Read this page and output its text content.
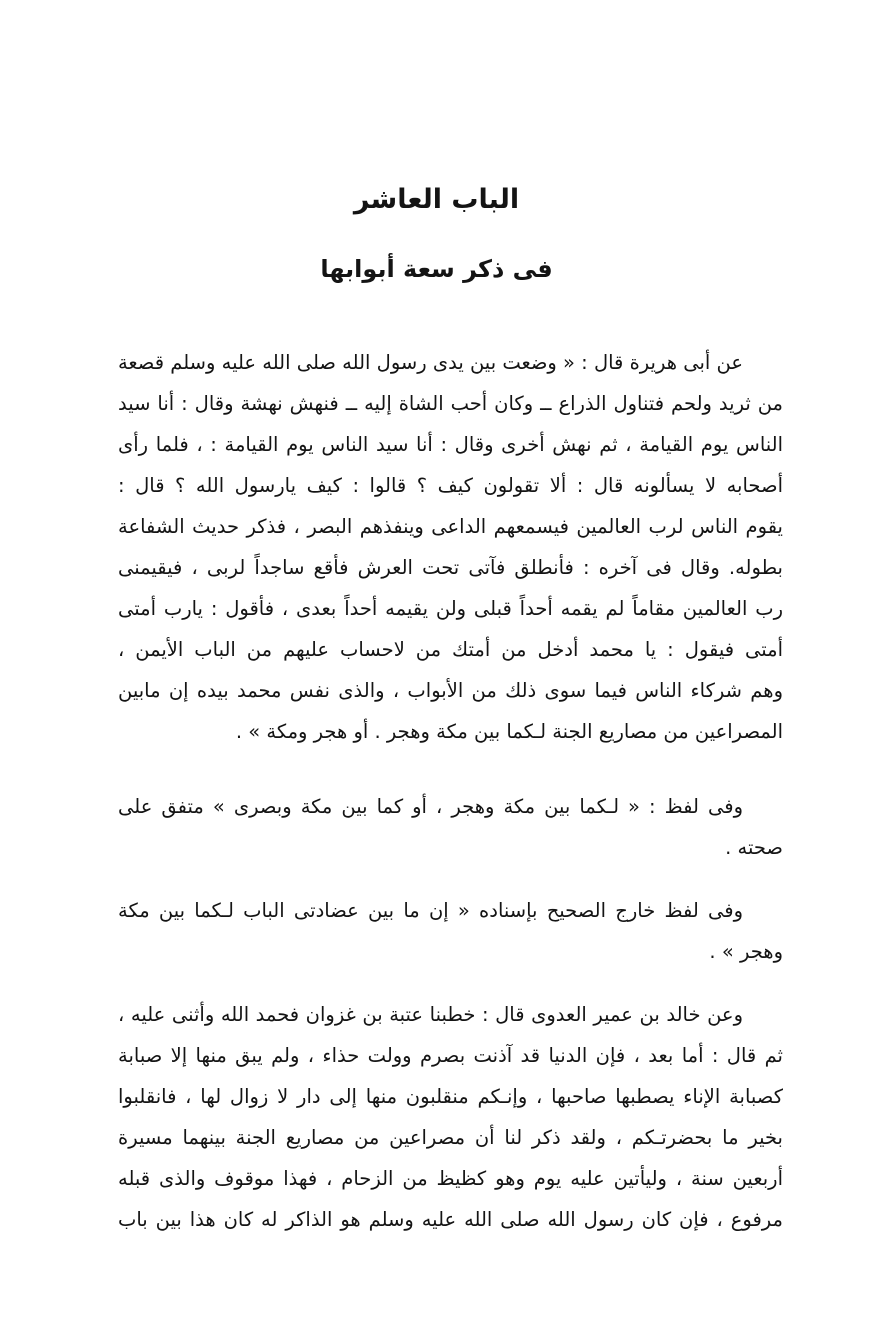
الباب العاشر
فى ذكر سعة أبوابها
عن أبى هريرة قال : « وضعت بين يدى رسول الله صلى الله عليه وسلم قصعة
من ثريد ولحم فتناول الذراع ــ وكان أحب الشاة إليه ــ فنهش نهشة وقال : أنا سيد
الناس يوم القيامة ، ثم نهش أخرى وقال : أنا سيد الناس يوم القيامة : ، فلما رأى
أصحابه لا يسألونه قال : ألا تقولون كيف ؟ قالوا : كيف يارسول الله ؟ قال :
يقوم الناس لرب العالمين فيسمعهم الداعى وينفذهم البصر ، فذكر حديث الشفاعة
بطوله. وقال فى آخره : فأنطلق فآتى تحت العرش فأقع ساجداً لربى ، فيقيمنى
رب العالمين مقاماً لم يقمه أحداً قبلى ولن يقيمه أحداً بعدى ، فأقول : يارب أمتى
أمتى فيقول : يا محمد أدخل من أمتك من لاحساب عليهم من الباب الأيمن ،
وهم شركاء الناس فيما سوى ذلك من الأبواب ، والذى نفس محمد بيده إن مابين
المصراعين من مصاريع الجنة لـكما بين مكة وهجر . أو هجر ومكة » .
وفى لفظ : « لـكما بين مكة وهجر ، أو كما بين مكة وبصرى » متفق على
صحته .
وفى لفظ خارج الصحيح بإسناده « إن ما بين عضادتى الباب لـكما بين مكة
وهجر » .
وعن خالد بن عمير العدوى قال : خطبنا عتبة بن غزوان فحمد الله وأثنى عليه ،
ثم قال : أما بعد ، فإن الدنيا قد آذنت بصرم وولت حذاء ، ولم يبق منها إلا صبابة
كصبابة الإناء يصطبها صاحبها ، وإنـكم منقلبون منها إلى دار لا زوال لها ، فانقلبوا
بخير ما بحضرتـكم ، ولقد ذكر لنا أن مصراعين من مصاريع الجنة بينهما مسيرة
أربعين سنة ، وليأتين عليه يوم وهو كظيظ من الزحام ، فهذا موقوف والذى قبله
مرفوع ، فإن كان رسول الله صلى الله عليه وسلم هو الذاكر له كان هذا بين باب
